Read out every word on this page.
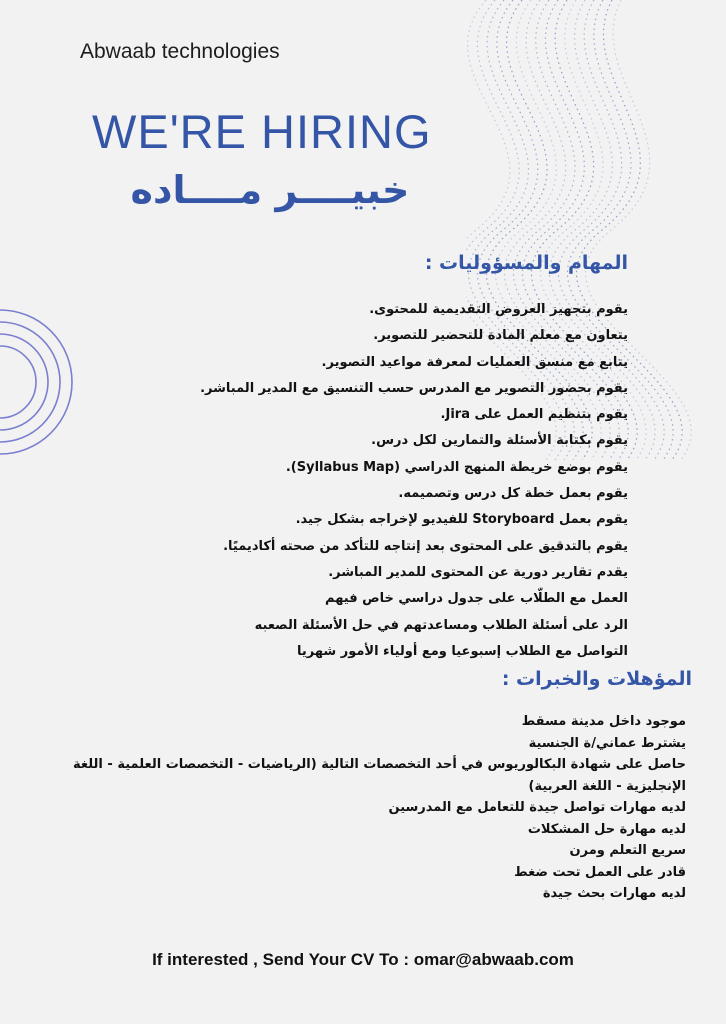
Abwaab technologies
WE'RE HIRING
خبيــــر مــــاده
المهام والمسؤوليات :
يقوم بتجهيز العروض التقديمية للمحتوى.
يتعاون مع معلم المادة للتحضير للتصوير.
يتابع مع منسق العمليات لمعرفة مواعيد التصوير.
يقوم بحضور التصوير مع المدرس حسب التنسيق مع المدير المباشر.
يقوم بتنظيم العمل على Jira.
يقوم بكتابة الأسئلة والتمارين لكل درس.
يقوم بوضع خريطة المنهج الدراسي (Syllabus Map).
يقوم بعمل خطة كل درس وتصميمه.
يقوم بعمل Storyboard للفيديو لإخراجه بشكل جيد.
يقوم بالتدقيق على المحتوى بعد إنتاجه للتأكد من صحته أكاديميًا.
يقدم تقارير دورية عن المحتوى للمدير المباشر.
العمل مع الطلّاب على جدول دراسي خاص فيهم
الرد على أسئلة الطلاب ومساعدتهم في حل الأسئلة الصعبه
التواصل مع الطلاب إسبوعيا ومع أولياء الأمور شهريا
المؤهلات والخبرات :
موجود داخل مدينة مسقط
يشترط عماني/ة الجنسية
حاصل على شهادة البكالوريوس في أحد التخصصات التالية (الرياضيات - التخصصات العلمية - اللغة الإنجليزية - اللغة العربية)
لديه مهارات تواصل جيدة للتعامل مع المدرسين
لديه مهارة حل المشكلات
سريع التعلم ومرن
قادر على العمل تحت ضغط
لديه مهارات بحث جيدة
If interested , Send Your CV To : omar@abwaab.com
